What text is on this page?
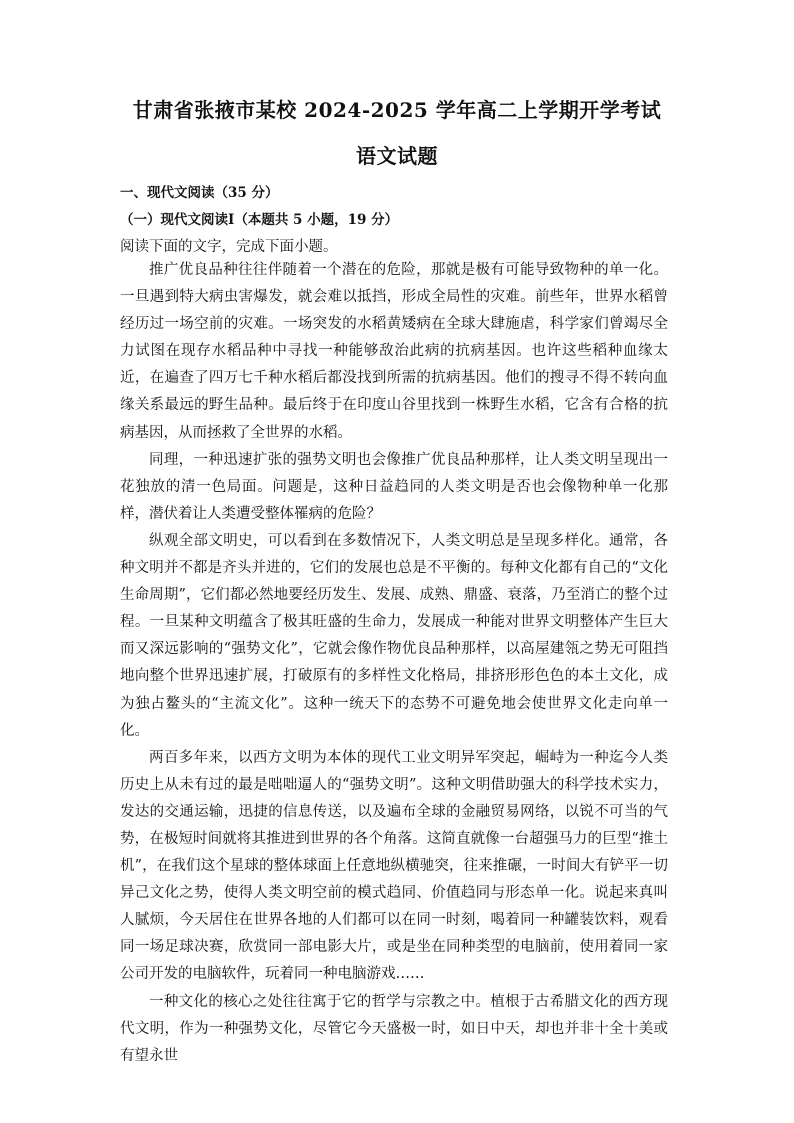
甘肃省张掖市某校 2024-2025 学年高二上学期开学考试
语文试题
一、现代文阅读（35 分）
（一）现代文阅读Ⅰ（本题共 5 小题，19 分）
阅读下面的文字，完成下面小题。

推广优良品种往往伴随着一个潜在的危险，那就是极有可能导致物种的单一化。一旦遇到特大病虫害爆发，就会难以抵挡，形成全局性的灾难。前些年，世界水稻曾经历过一场空前的灾难。一场突发的水稻黄矮病在全球大肆施虐，科学家们曾竭尽全力试图在现存水稻品种中寻找一种能够敌治此病的抗病基因。也许这些稻种血缘太近，在遍查了四万七千种水稻后都没找到所需的抗病基因。他们的搜寻不得不转向血缘关系最远的野生品种。最后终于在印度山谷里找到一株野生水稻，它含有合格的抗病基因，从而拯救了全世界的水稻。

同理，一种迅速扩张的强势文明也会像推广优良品种那样，让人类文明呈现出一花独放的清一色局面。问题是，这种日益趋同的人类文明是否也会像物种单一化那样，潜伏着让人类遭受整体罹病的危险？

纵观全部文明史，可以看到在多数情况下，人类文明总是呈现多样化。通常，各种文明并不都是齐头并进的，它们的发展也总是不平衡的。每种文化都有自己的“文化生命周期”，它们都必然地要经历发生、发展、成熟、鼎盛、衰落，乃至消亡的整个过程。一旦某种文明蕴含了极其旺盛的生命力，发展成一种能对世界文明整体产生巨大而又深远影响的“强势文化”，它就会像作物优良品种那样，以高屋建瓴之势无可阻挡地向整个世界迅速扩展，打破原有的多样性文化格局，排挤形形色色的本土文化，成为独占鳌头的“主流文化”。这种一统天下的态势不可避免地会使世界文化走向单一化。

两百多年来，以西方文明为本体的现代工业文明异军突起，崛峙为一种迄今人类历史上从未有过的最是咄咄逼人的“强势文明”。这种文明借助强大的科学技术实力，发达的交通运输，迅捷的信息传送，以及遍布全球的金融贸易网络，以锐不可当的气势，在极短时间就将其推进到世界的各个角落。这简直就像一台超强马力的巨型“推土机”，在我们这个星球的整体球面上任意地纵横驰突，往来推碾，一时间大有铲平一切异己文化之势，使得人类文明空前的模式趋同、价值趋同与形态单一化。说起来真叫人腻烦，今天居住在世界各地的人们都可以在同一时刻，喝着同一种罐装饮料，观看同一场足球决赛，欣赏同一部电影大片，或是坐在同种类型的电脑前，使用着同一家公司开发的电脑软件，玩着同一种电脑游戏……

一种文化的核心之处往往寓于它的哲学与宗教之中。植根于古希腊文化的西方现代文明，作为一种强势文化，尽管它今天盛极一时，如日中天，却也并非十全十美或有望永世
